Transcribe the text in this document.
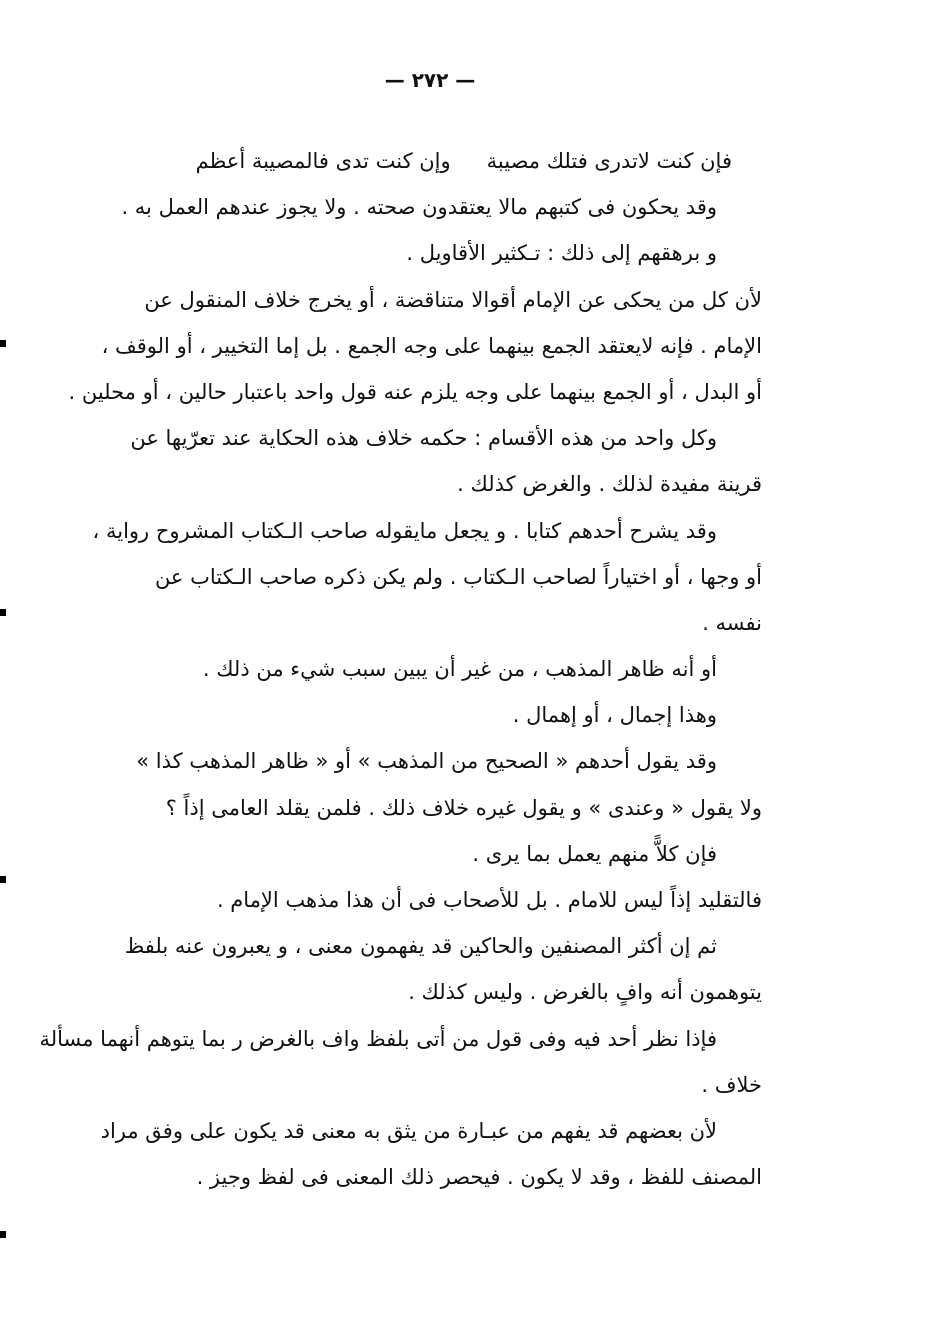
— ٢٧٢ —
فإن كنت لاتدرى فتلك مصيبةوإن كنت تدى فالمصيبة أعظم
وقد يحكون فى كتبهم مالا يعتقدون صحته . ولا يجوز عندهم العمل به .
و برهقهم إلى ذلك : تـكثير الأقاويل .
لأن كل من يحكى عن الإمام أقوالا متناقضة ، أو يخرج خلاف المنقول عن
الإمام . فإنه لايعتقد الجمع بينهما على وجه الجمع . بل إما التخيير ، أو الوقف ،
أو البدل ، أو الجمع بينهما على وجه يلزم عنه قول واحد باعتبار حالين ، أو محلين .
وكل واحد من هذه الأقسام : حكمه خلاف هذه الحكاية عند تعرّيها عن
قرينة مفيدة لذلك . والغرض كذلك .
وقد يشرح أحدهم كتابا . و يجعل مايقوله صاحب الـكتاب المشروح رواية ،
أو وجها ، أو اختياراً لصاحب الـكتاب . ولم يكن ذكره صاحب الـكتاب عن
نفسه .
أو أنه ظاهر المذهب ، من غير أن يبين سبب شيء من ذلك .
وهذا إجمال ، أو إهمال .
وقد يقول أحدهم « الصحيح من المذهب » أو « ظاهر المذهب كذا »
ولا يقول « وعندى » و يقول غيره خلاف ذلك . فلمن يقلد العامى إذاً ؟
فإن كلاًّ منهم يعمل بما يرى .
فالتقليد إذاً ليس للامام . بل للأصحاب فى أن هذا مذهب الإمام .
ثم إن أكثر المصنفين والحاكين قد يفهمون معنى ، و يعبرون عنه بلفظ
يتوهمون أنه وافٍ بالغرض . وليس كذلك .
فإذا نظر أحد فيه وفى قول من أتى بلفظ واف بالغرض ر بما يتوهم أنهما مسألة
خلاف .
لأن بعضهم قد يفهم من عبـارة من يثق به معنى قد يكون على وفق مراد
المصنف للفظ ، وقد لا يكون . فيحصر ذلك المعنى فى لفظ وجيز .
